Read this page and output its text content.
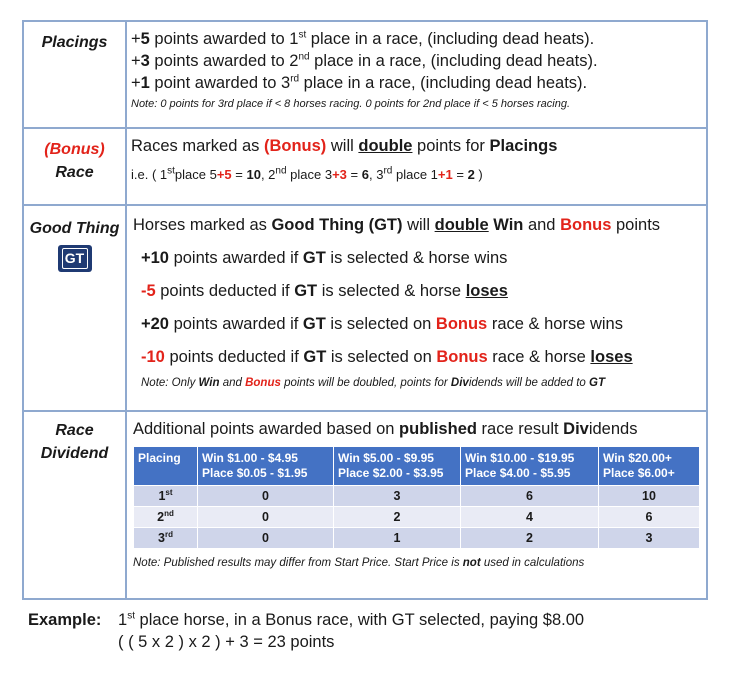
Placings	+5 points awarded to 1st place in a race, (including dead heats).
+3 points awarded to 2nd place in a race, (including dead heats).
+1 point awarded to 3rd place in a race, (including dead heats).
Note: 0 points for 3rd place if < 8 horses racing. 0 points for 2nd place if < 5 horses racing.

(Bonus)
Race

Races marked as (Bonus) will double points for Placings
i.e. ( 1stplace 5+5 = 10, 2nd place 3+3 = 6, 3rd place 1+1 = 2 )

Good Thing
GT

Horses marked as Good Thing (GT) will double Win and Bonus points
+10 points awarded if GT is selected & horse wins
-5 points deducted if GT is selected & horse loses
+20 points awarded if GT is selected on Bonus race & horse wins
-10 points deducted if GT is selected on Bonus race & horse loses
Note: Only Win and Bonus points will be doubled, points for Dividends will be added to GT

Race
Dividend

Additional points awarded based on published race result Dividends
Placing	Win $1.00 - $4.95
Place $0.05 - $1.95

Win $5.00 - $9.95
Place $2.00 - $3.95

Win $10.00 - $19.95
Place $4.00 - $5.95

Win $20.00+
Place $6.00+

1st	0	3	6	10
2nd	0	2	4	6
3rd	0	1	2	3
Note: Published results may differ from Start Price. Start Price is not used in calculations
Example: 1st place horse, in a Bonus race, with GT selected, paying $8.00
( ( 5 x 2 ) x 2 ) + 3 = 23 points
